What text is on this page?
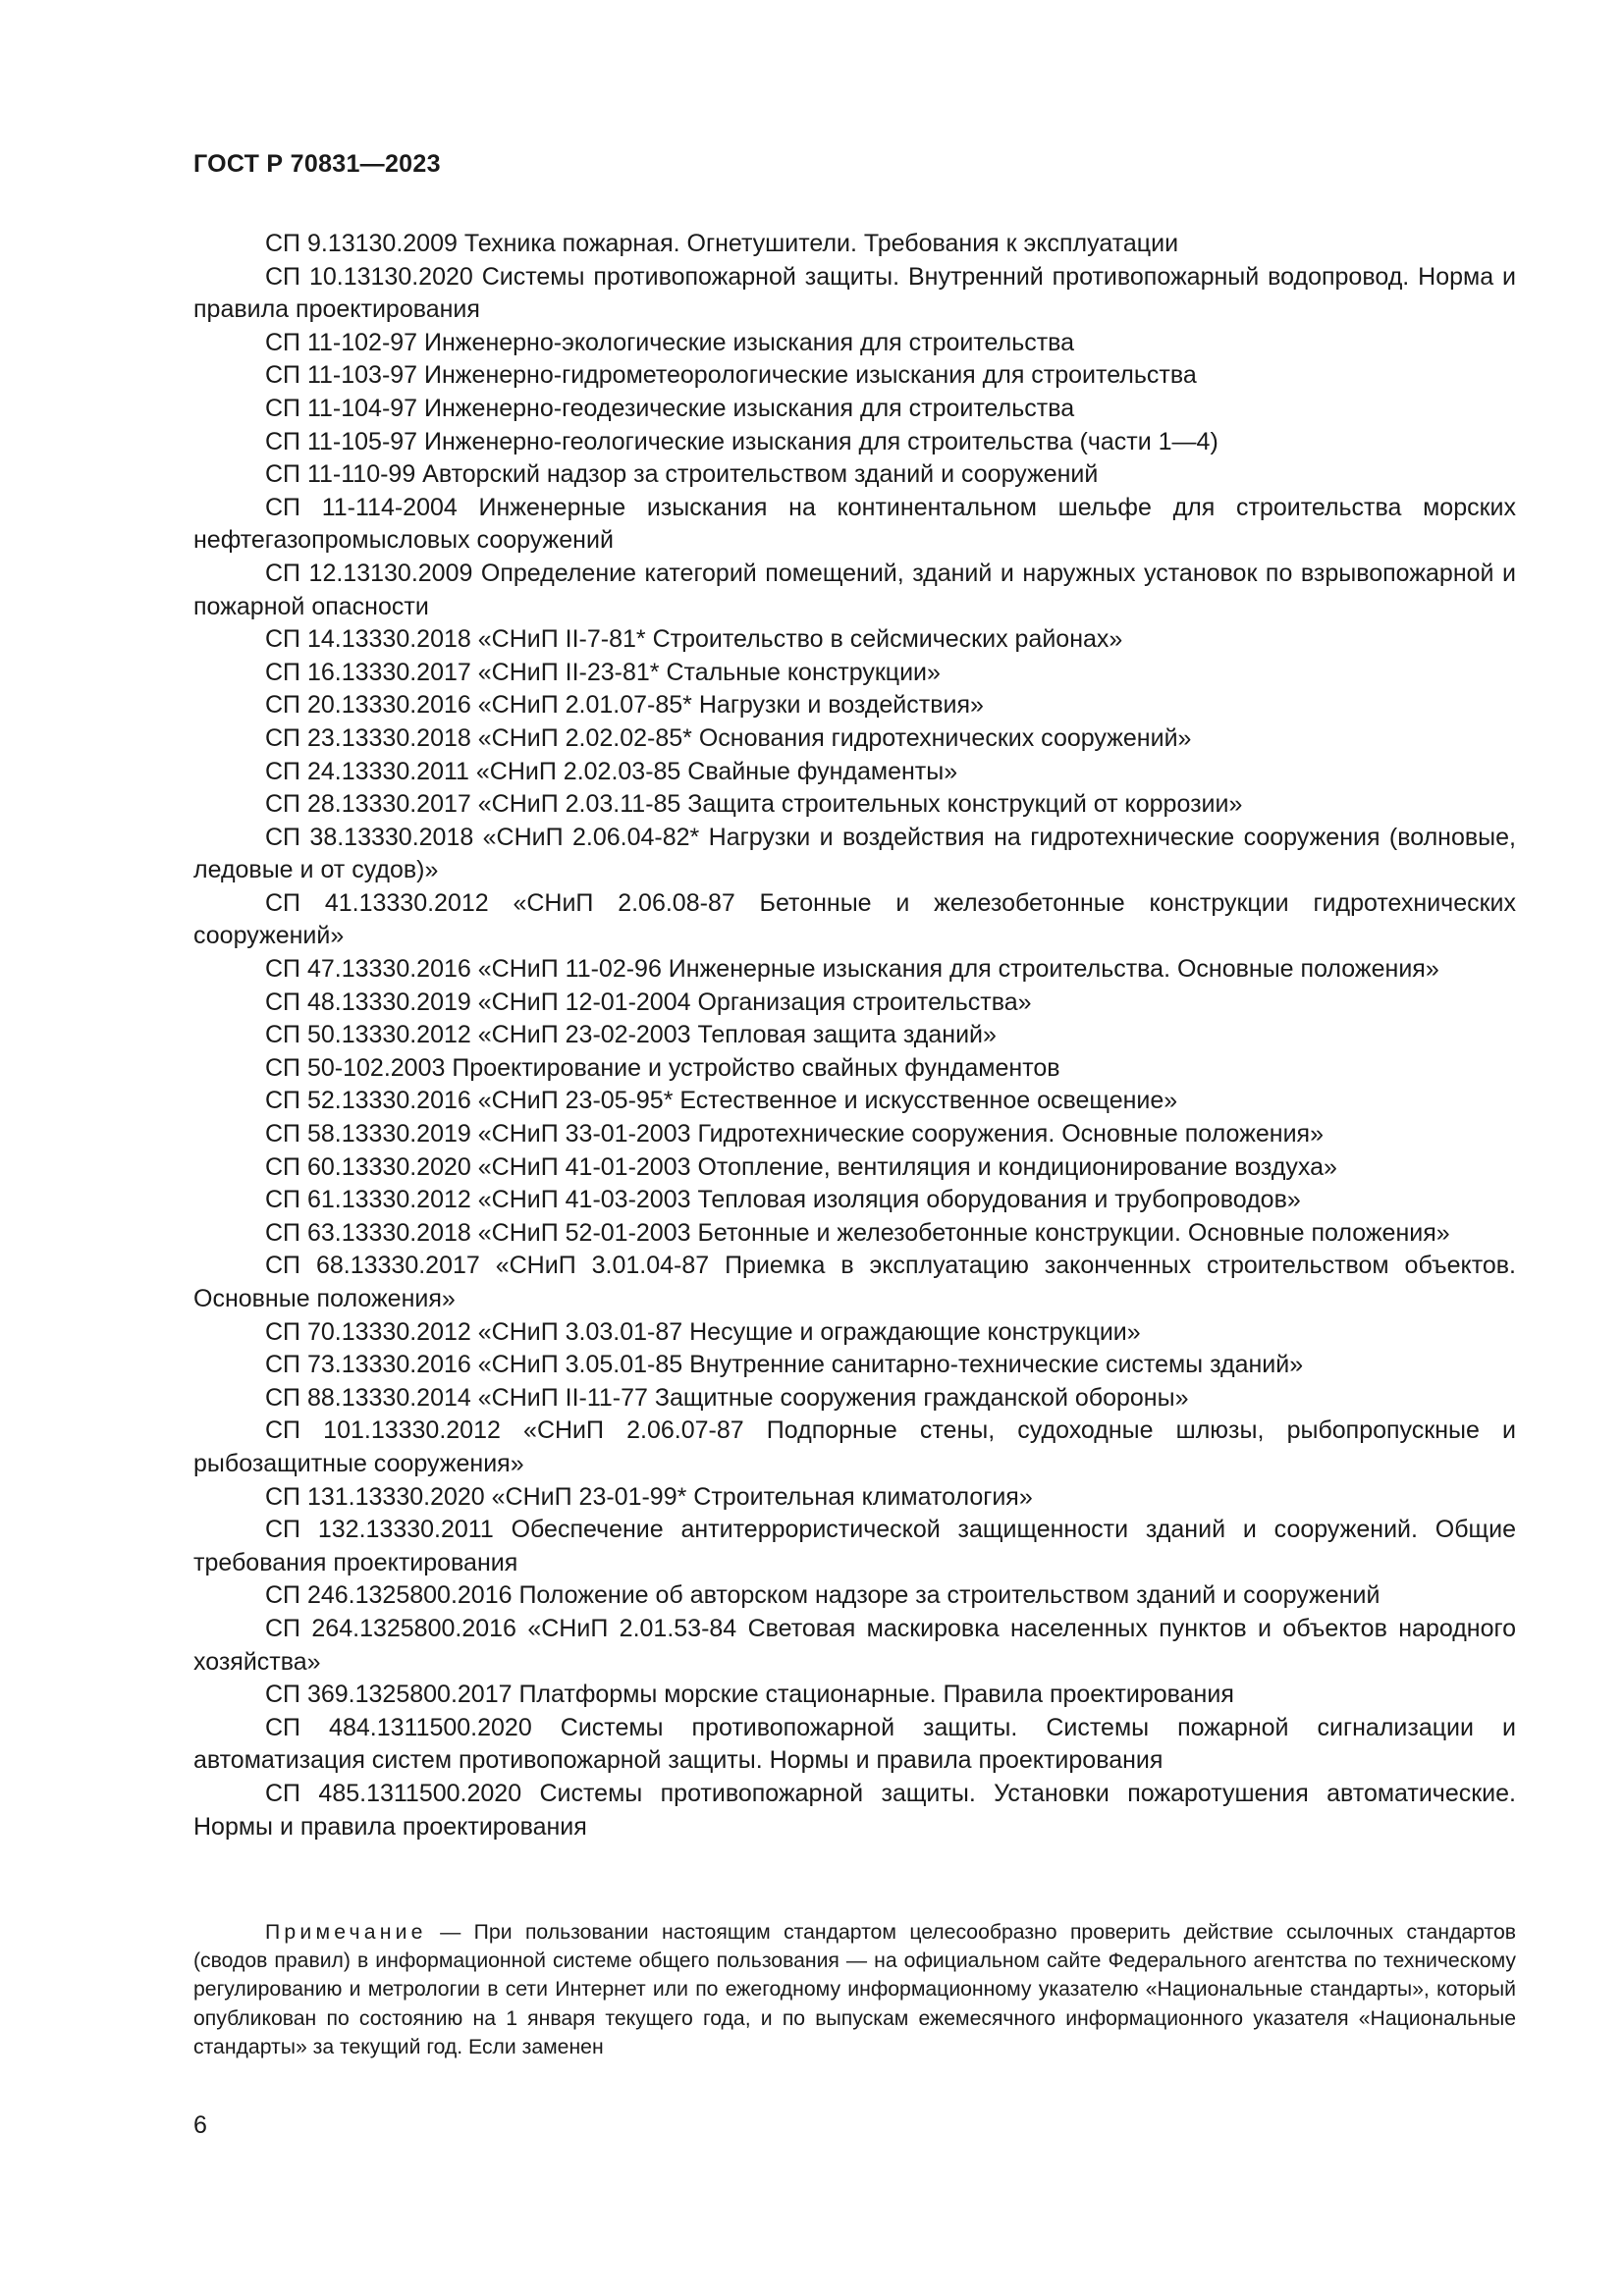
ГОСТ Р 70831—2023

СП 9.13130.2009 Техника пожарная. Огнетушители. Требования к эксплуатации

СП 10.13130.2020 Системы противопожарной защиты. Внутренний противопожарный водопровод. Норма и правила проектирования

СП 11-102-97 Инженерно-экологические изыскания для строительства

СП 11-103-97 Инженерно-гидрометеорологические изыскания для строительства

СП 11-104-97 Инженерно-геодезические изыскания для строительства

СП 11-105-97 Инженерно-геологические изыскания для строительства (части 1—4)

СП 11-110-99 Авторский надзор за строительством зданий и сооружений

СП 11-114-2004 Инженерные изыскания на континентальном шельфе для строительства морских нефтегазопромысловых сооружений

СП 12.13130.2009 Определение категорий помещений, зданий и наружных установок по взрывопожарной и пожарной опасности

СП 14.13330.2018 «СНиП II-7-81* Строительство в сейсмических районах»

СП 16.13330.2017 «СНиП II-23-81* Стальные конструкции»

СП 20.13330.2016 «СНиП 2.01.07-85* Нагрузки и воздействия»

СП 23.13330.2018 «СНиП 2.02.02-85* Основания гидротехнических сооружений»

СП 24.13330.2011 «СНиП 2.02.03-85 Свайные фундаменты»

СП 28.13330.2017 «СНиП 2.03.11-85 Защита строительных конструкций от коррозии»

СП 38.13330.2018 «СНиП 2.06.04-82* Нагрузки и воздействия на гидротехнические сооружения (волновые, ледовые и от судов)»

СП 41.13330.2012 «СНиП 2.06.08-87 Бетонные и железобетонные конструкции гидротехнических сооружений»

СП 47.13330.2016 «СНиП 11-02-96 Инженерные изыскания для строительства. Основные положения»

СП 48.13330.2019 «СНиП 12-01-2004 Организация строительства»

СП 50.13330.2012 «СНиП 23-02-2003 Тепловая защита зданий»

СП 50-102.2003 Проектирование и устройство свайных фундаментов

СП 52.13330.2016 «СНиП 23-05-95* Естественное и искусственное освещение»

СП 58.13330.2019 «СНиП 33-01-2003 Гидротехнические сооружения. Основные положения»

СП 60.13330.2020 «СНиП 41-01-2003 Отопление, вентиляция и кондиционирование воздуха»

СП 61.13330.2012 «СНиП 41-03-2003 Тепловая изоляция оборудования и трубопроводов»

СП 63.13330.2018 «СНиП 52-01-2003 Бетонные и железобетонные конструкции. Основные положения»

СП 68.13330.2017 «СНиП 3.01.04-87 Приемка в эксплуатацию законченных строительством объектов. Основные положения»

СП 70.13330.2012 «СНиП 3.03.01-87 Несущие и ограждающие конструкции»

СП 73.13330.2016 «СНиП 3.05.01-85 Внутренние санитарно-технические системы зданий»

СП 88.13330.2014 «СНиП II-11-77 Защитные сооружения гражданской обороны»

СП 101.13330.2012 «СНиП 2.06.07-87 Подпорные стены, судоходные шлюзы, рыбопропускные и рыбозащитные сооружения»

СП 131.13330.2020 «СНиП 23-01-99* Строительная климатология»

СП 132.13330.2011 Обеспечение антитеррористической защищенности зданий и сооружений. Общие требования проектирования

СП 246.1325800.2016 Положение об авторском надзоре за строительством зданий и сооружений

СП 264.1325800.2016 «СНиП 2.01.53-84 Световая маскировка населенных пунктов и объектов народного хозяйства»

СП 369.1325800.2017 Платформы морские стационарные. Правила проектирования

СП 484.1311500.2020 Системы противопожарной защиты. Системы пожарной сигнализации и автоматизация систем противопожарной защиты. Нормы и правила проектирования

СП 485.1311500.2020 Системы противопожарной защиты. Установки пожаротушения автоматические. Нормы и правила проектирования

Примечание — При пользовании настоящим стандартом целесообразно проверить действие ссылочных стандартов (сводов правил) в информационной системе общего пользования — на официальном сайте Федерального агентства по техническому регулированию и метрологии в сети Интернет или по ежегодному информационному указателю «Национальные стандарты», который опубликован по состоянию на 1 января текущего года, и по выпускам ежемесячного информационного указателя «Национальные стандарты» за текущий год. Если заменен

6
